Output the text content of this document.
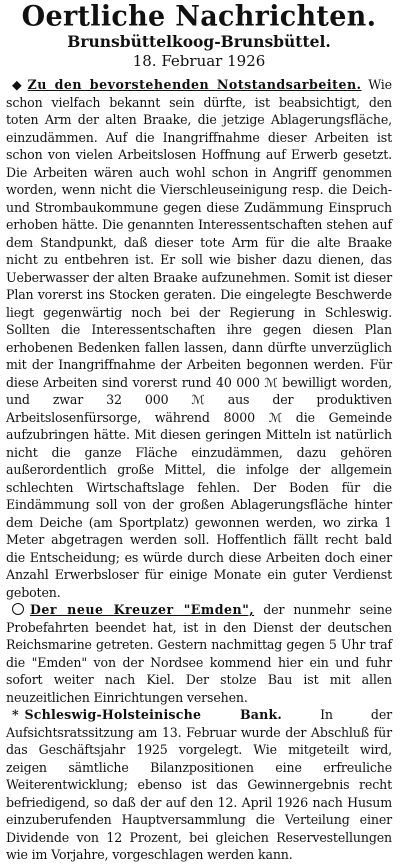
Oertliche Nachrichten.
Brunsbüttelkoog-Brunsbüttel.
18. Februar 1926

◆ Zu den bevorstehenden Notstandsarbeiten. Wie schon vielfach bekannt sein dürfte, ist beabsichtigt, den toten Arm der alten Braake, die jetzige Ablagerungsfläche, einzudämmen. Auf die Inangriffnahme dieser Arbeiten ist schon von vielen Arbeitslosen Hoffnung auf Erwerb gesetzt. Die Arbeiten wären auch wohl schon in Angriff genommen worden, wenn nicht die Vierschleuseinigung resp. die Deich- und Strombaukommune gegen diese Zudämmung Einspruch erhoben hätte. Die genannten Interessentschaften stehen auf dem Standpunkt, daß dieser tote Arm für die alte Braake nicht zu entbehren ist. Er soll wie bisher dazu dienen, das Ueberwasser der alten Braake aufzunehmen. Somit ist dieser Plan vorerst ins Stocken geraten. Die eingelegte Beschwerde liegt gegenwärtig noch bei der Regierung in Schleswig. Sollten die Interessentschaften ihre gegen diesen Plan erhobenen Bedenken fallen lassen, dann dürfte unverzüglich mit der Inangriffnahme der Arbeiten begonnen werden. Für diese Arbeiten sind vorerst rund 40 000 ℳ bewilligt worden, und zwar 32 000 ℳ aus der produktiven Arbeitslosenfürsorge, während 8000 ℳ die Gemeinde aufzubringen hätte. Mit diesen geringen Mitteln ist natürlich nicht die ganze Fläche einzudämmen, dazu gehören außerordentlich große Mittel, die infolge der allgemein schlechten Wirtschaftslage fehlen. Der Boden für die Eindämmung soll von der großen Ablagerungsfläche hinter dem Deiche (am Sportplatz) gewonnen werden, wo zirka 1 Meter abgetragen werden soll. Hoffentlich fällt recht bald die Entscheidung; es würde durch diese Arbeiten doch einer Anzahl Erwerbsloser für einige Monate ein guter Verdienst geboten.

Der neue Kreuzer "Emden", der nunmehr seine Probefahrten beendet hat, ist in den Dienst der deutschen Reichsmarine getreten. Gestern nachmittag gegen 5 Uhr traf die "Emden" von der Nordsee kommend hier ein und fuhr sofort weiter nach Kiel. Der stolze Bau ist mit allen neuzeitlichen Einrichtungen versehen.

* Schleswig-Holsteinische Bank.	In der Aufsichtsratssitzung am 13. Februar wurde der Abschluß für das Geschäftsjahr 1925 vorgelegt. Wie mitgeteilt wird, zeigen sämtliche Bilanzpositionen eine erfreuliche Weiterentwicklung; ebenso ist das Gewinnergebnis recht befriedigend, so daß der auf den 12. April 1926 nach Husum einzuberufenden Hauptversammlung die Verteilung einer Dividende von 12 Prozent, bei gleichen Reservestellungen wie im Vorjahre, vorgeschlagen werden kann.
